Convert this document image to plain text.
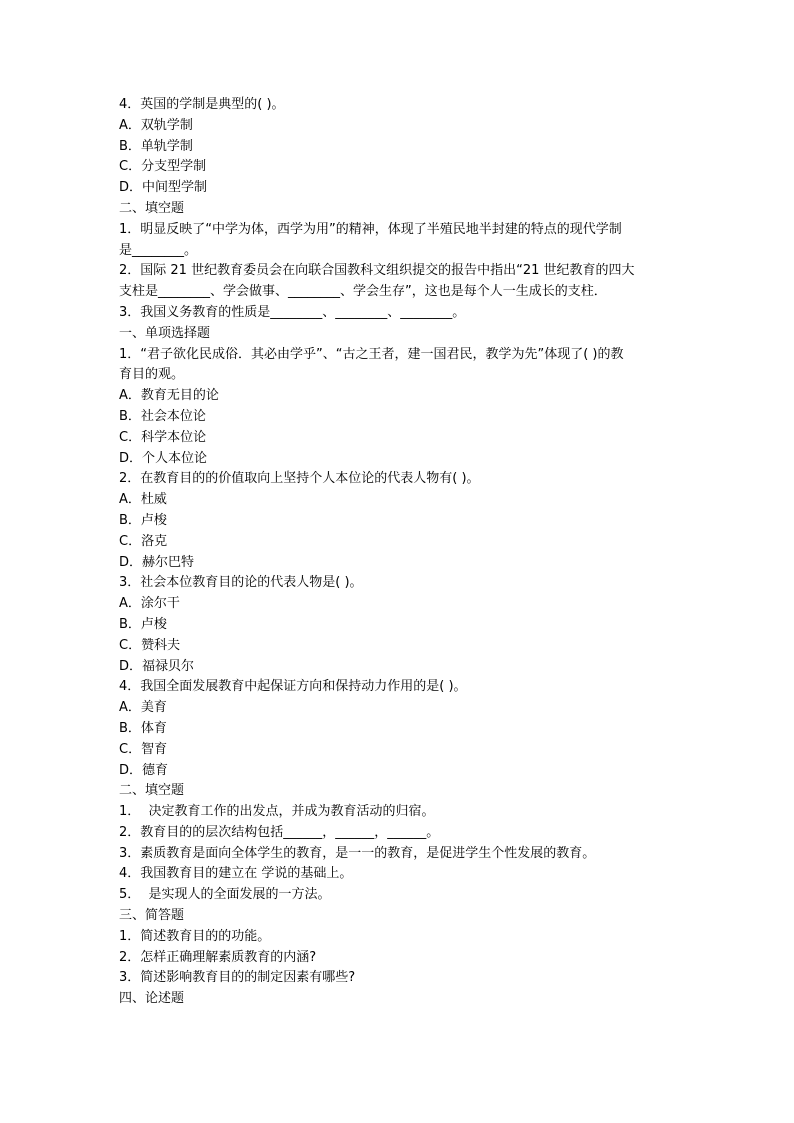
4．英国的学制是典型的( )。
A．双轨学制
B．单轨学制
C．分支型学制
D．中间型学制
二、填空题
1．明显反映了“中学为体，西学为用”的精神，体现了半殖民地半封建的特点的现代学制
是________。
2．国际 21 世纪教育委员会在向联合国教科文组织提交的报告中指出“21 世纪教育的四大
支柱是________、学会做事、________、学会生存”，这也是每个人一生成长的支柱．
3．我国义务教育的性质是________、________、________。
一、单项选择题
1．“君子欲化民成俗．其必由学乎”、“古之王者，建一国君民，教学为先”体现了( )的教
育目的观。
A．教育无目的论
B．社会本位论
C．科学本位论
D．个人本位论
2．在教育目的的价值取向上坚持个人本位论的代表人物有( )。
A．杜威
B．卢梭
C．洛克
D．赫尔巴特
3．社会本位教育目的论的代表人物是( )。
A．涂尔干
B．卢梭
C．赞科夫
D．福禄贝尔
4．我国全面发展教育中起保证方向和保持动力作用的是( )。
A．美育
B．体育
C．智育
D．德育
二、填空题
1．  决定教育工作的出发点，并成为教育活动的归宿。
2．教育目的的层次结构包括______，______，______。
3．素质教育是面向全体学生的教育，是一一的教育，是促进学生个性发展的教育。
4．我国教育目的建立在 学说的基础上。
5．  是实现人的全面发展的一方法。
三、简答题
1．简述教育目的的功能。
2．怎样正确理解素质教育的内涵?
3．简述影响教育目的的制定因素有哪些?
四、论述题
